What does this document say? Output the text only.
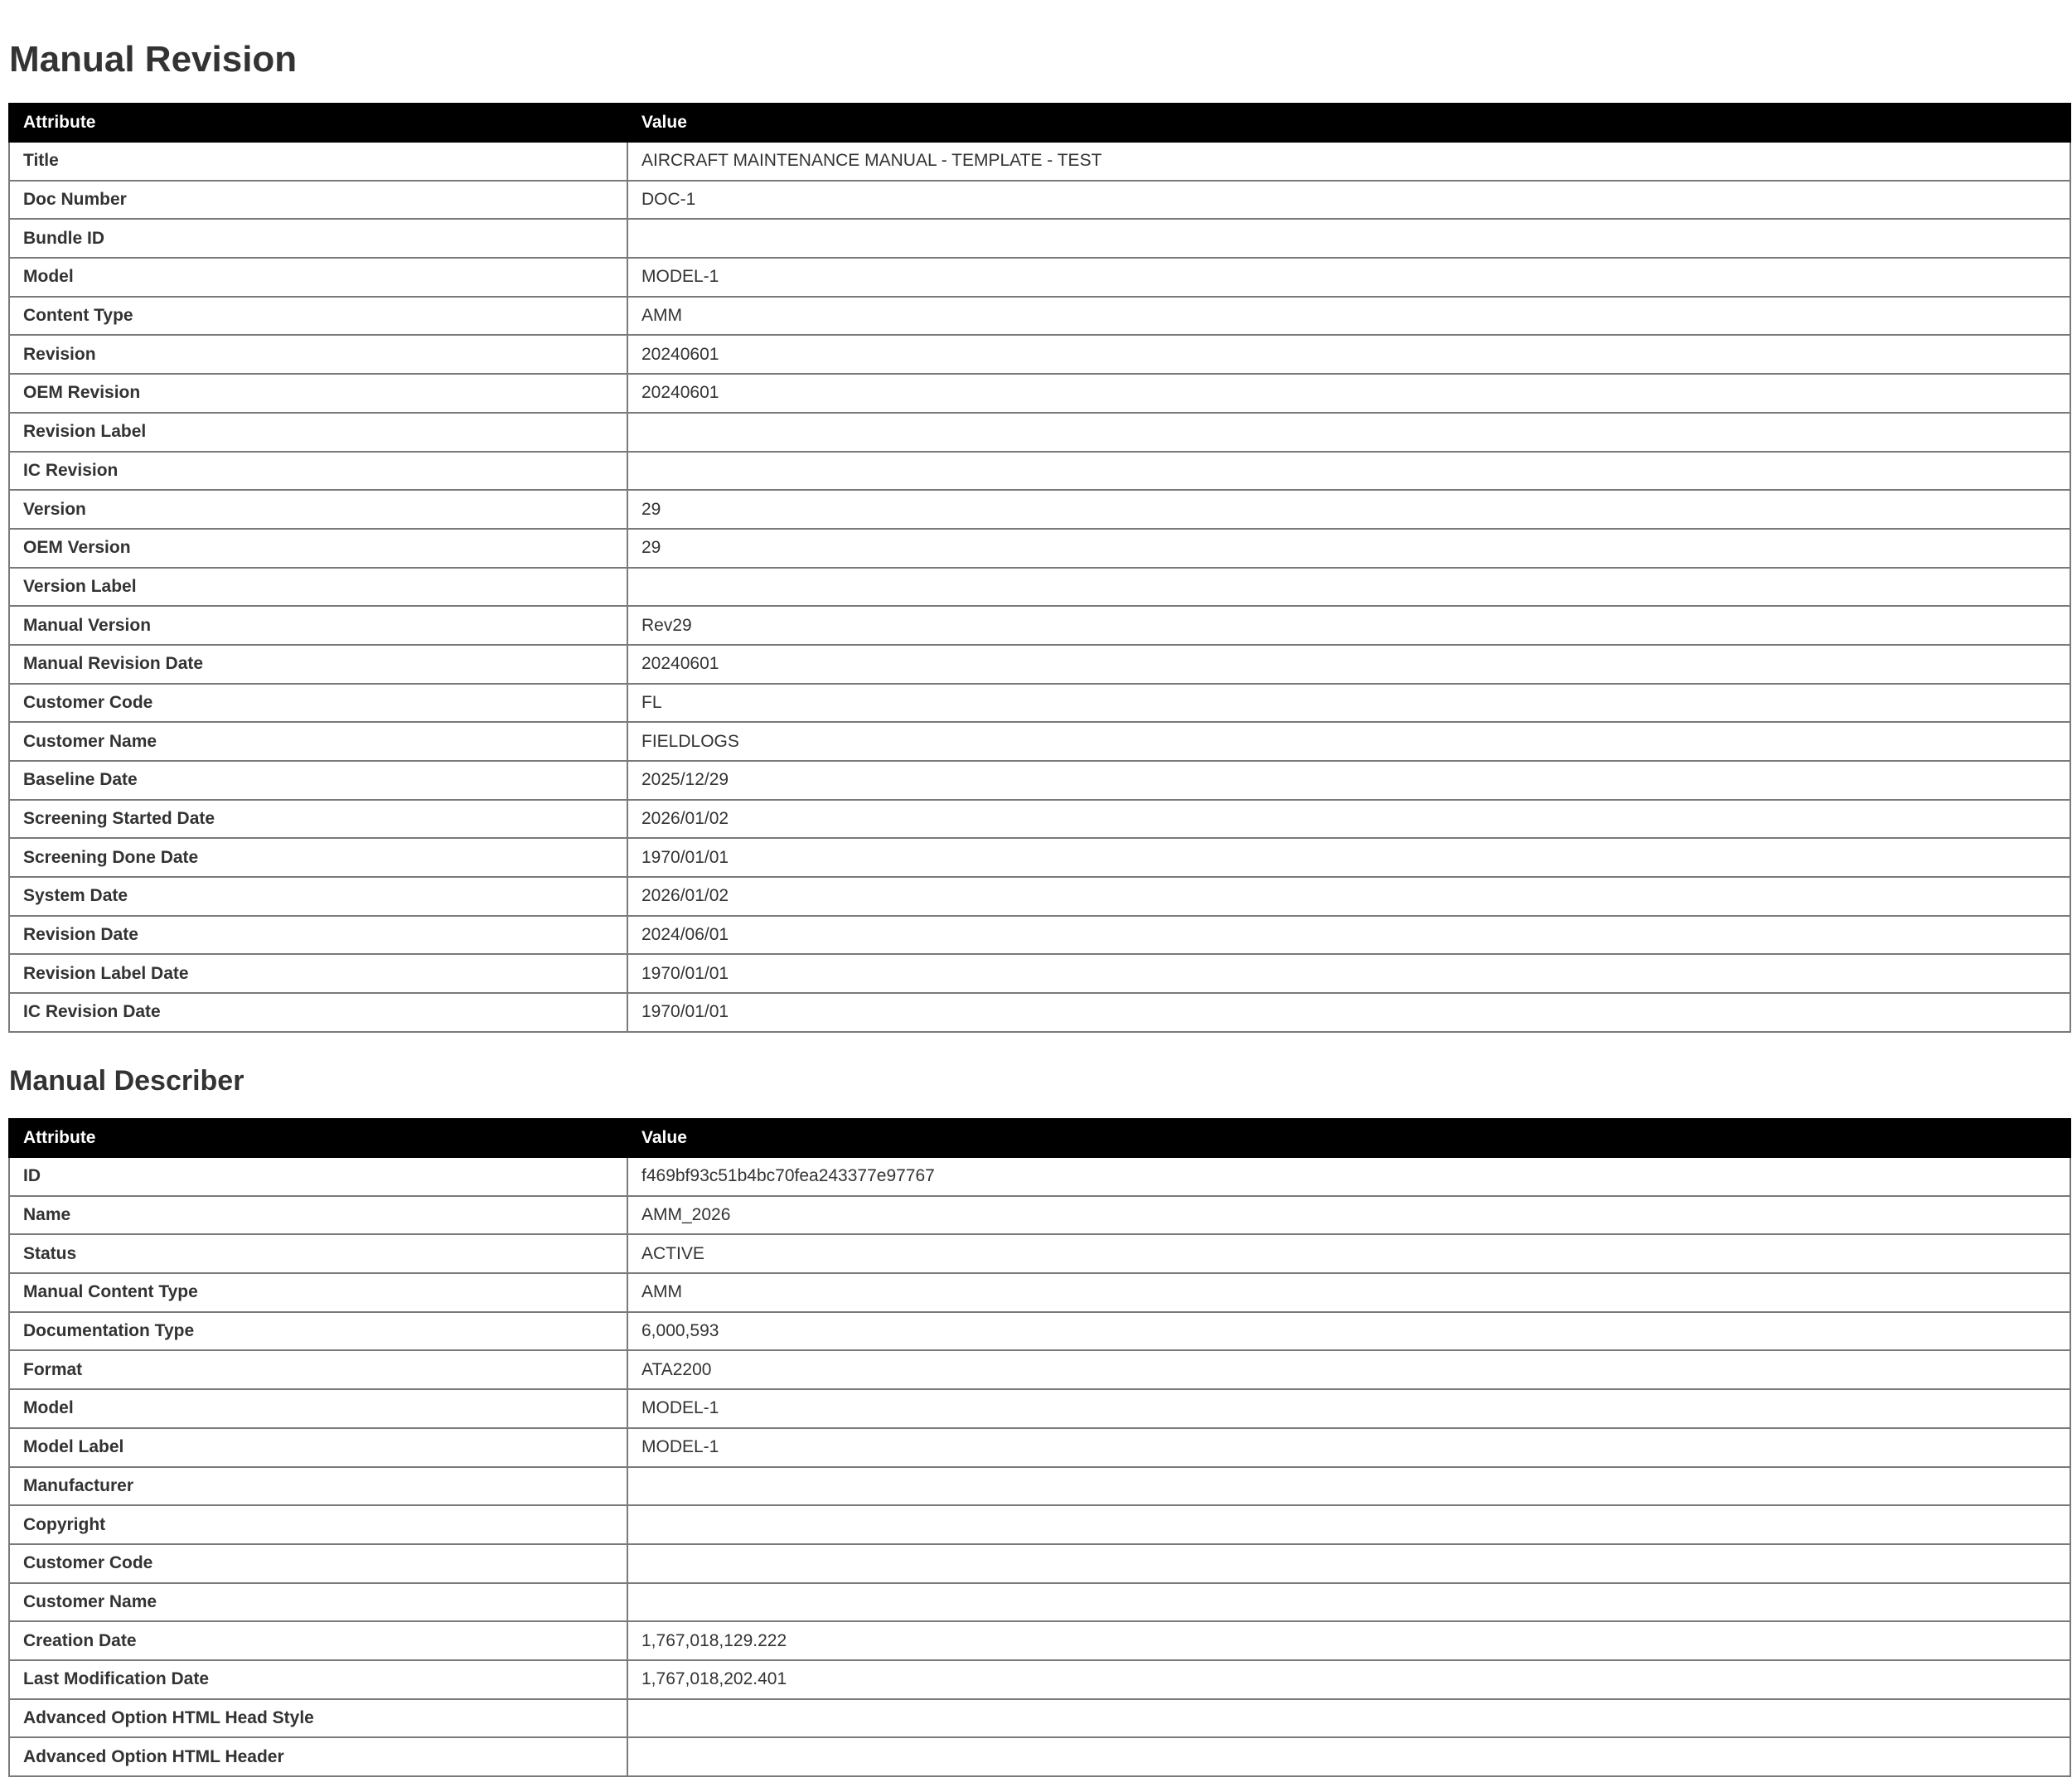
Manual Revision
Attribute	Value
Title	AIRCRAFT MAINTENANCE MANUAL - TEMPLATE - TEST
Doc Number	DOC-1
Bundle ID	
Model	MODEL-1
Content Type	AMM
Revision	20240601
OEM Revision	20240601
Revision Label	
IC Revision	
Version	29
OEM Version	29
Version Label	
Manual Version	Rev29
Manual Revision Date	20240601
Customer Code	FL
Customer Name	FIELDLOGS
Baseline Date	2025/12/29
Screening Started Date	2026/01/02
Screening Done Date	1970/01/01
System Date	2026/01/02
Revision Date	2024/06/01
Revision Label Date	1970/01/01
IC Revision Date	1970/01/01
Manual Describer
Attribute	Value
ID	f469bf93c51b4bc70fea243377e97767
Name	AMM_2026
Status	ACTIVE
Manual Content Type	AMM
Documentation Type	6,000,593
Format	ATA2200
Model	MODEL-1
Model Label	MODEL-1
Manufacturer	
Copyright	
Customer Code	
Customer Name	
Creation Date	1,767,018,129.222
Last Modification Date	1,767,018,202.401
Advanced Option HTML Head Style	
Advanced Option HTML Header	
